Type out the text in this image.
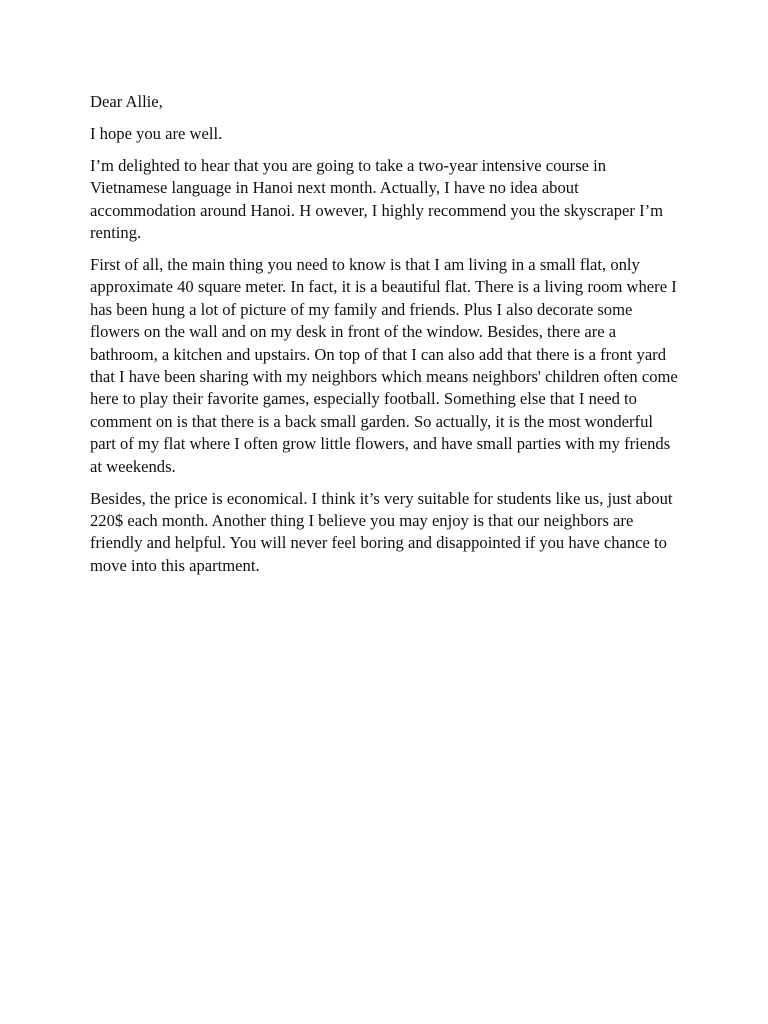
Dear Allie,

I hope you are well.

I’m delighted to hear that you are going to take a two-year intensive course in Vietnamese language in Hanoi next month. Actually, I have no idea about accommodation around Hanoi. H owever, I highly recommend you the skyscraper I’m renting.

First of all, the main thing you need to know is that I am living in a small flat, only approximate 40 square meter. In fact, it is a beautiful flat. There is a living room where I has been hung a lot of picture of my family and friends. Plus I also decorate some flowers on the wall and on my desk in front of the window. Besides, there are a bathroom, a kitchen and upstairs. On top of that I can also add that there is a front yard that I have been sharing with my neighbors which means neighbors' children often come here to play their favorite games, especially football. Something else that I need to comment on is that there is a back small garden. So actually, it is the most wonderful part of my flat where I often grow little flowers, and have small parties with my friends at weekends.

Besides, the price is economical. I think it’s very suitable for students like us, just about 220$ each month. Another thing I believe you may enjoy is that our neighbors are friendly and helpful. You will never feel boring and disappointed if you have chance to move into this apartment.
